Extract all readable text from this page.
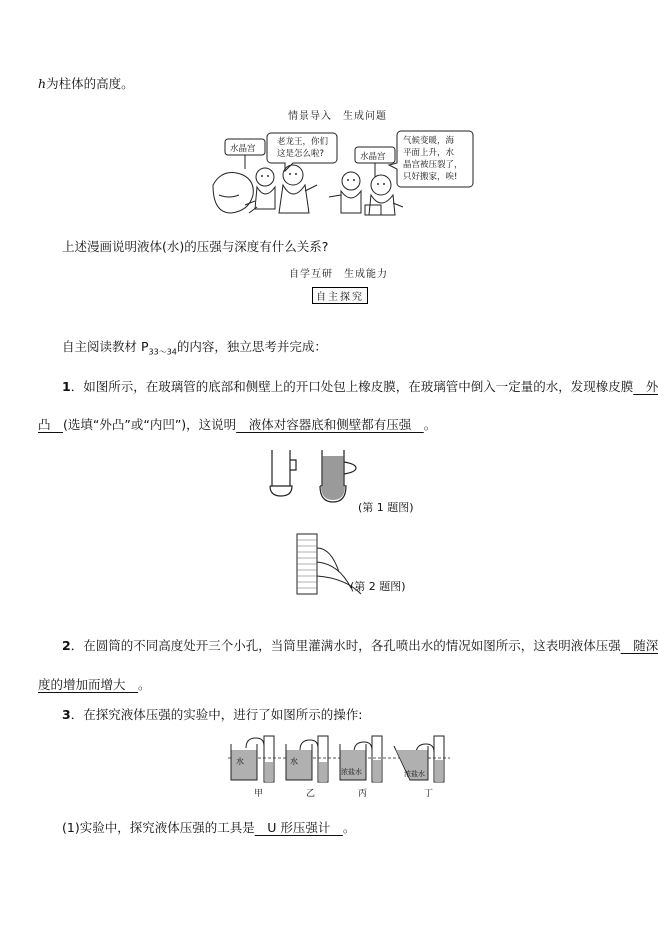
h为柱体的高度。
情景导入　生成问题
水晶宫
老龙王，你们
这是怎么啦?	水晶宫
气候变暖，海
平面上升，水
晶宫被压裂了，
只好搬家，唉!
上述漫画说明液体(水)的压强与深度有什么关系?
自学互研　生成能力
自主探究
自主阅读教材 $P_{33\sim 34}$的内容，独立思考并完成：
1．如图所示，在玻璃管的底部和侧壁上的开口处包上橡皮膜，在玻璃管中倒入一定量的水，发现橡皮膜　外
凸　(选填“外凸”或“内凹”)，这说明　液体对容器底和侧壁都有压强　。
(第 1 题图)
(第 2 题图)
2．在圆筒的不同高度处开三个小孔，当筒里灌满水时，各孔喷出水的情况如图所示，这表明液体压强　随深
度的增加而增大　。
3．在探究液体压强的实验中，进行了如图所示的操作:
水	水
浓盐水	浓盐水
甲	乙	丙	丁
(1)实验中，探究液体压强的工具是　U 形压强计　。
